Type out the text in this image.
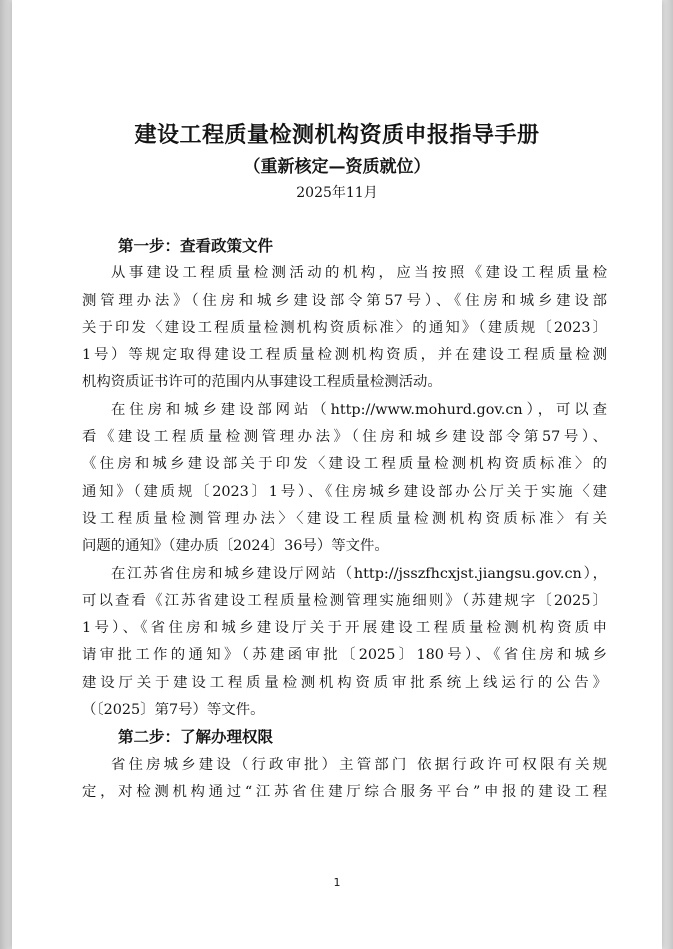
建设工程质量检测机构资质申报指导手册
（重新核定—资质就位）
2025年11月
第一步：查看政策文件

从事建设工程质量检测活动的机构，应当按照《建设工程质量检
测管理办法》（住房和城乡建设部令第57号）、《住房和城乡建设部
关于印发〈建设工程质量检测机构资质标准〉的通知》（建质规〔2023〕
1号）等规定取得建设工程质量检测机构资质，并在建设工程质量检测
机构资质证书许可的范围内从事建设工程质量检测活动。

在住房和城乡建设部网站（http://www.mohurd.gov.cn），可以查
看《建设工程质量检测管理办法》（住房和城乡建设部令第57号）、
《住房和城乡建设部关于印发〈建设工程质量检测机构资质标准〉的
通知》（建质规〔2023〕1号）、《住房城乡建设部办公厅关于实施〈建
设工程质量检测管理办法〉〈建设工程质量检测机构资质标准〉有关
问题的通知》（建办质〔2024〕36号）等文件。

在江苏省住房和城乡建设厅网站（http://jsszfhcxjst.jiangsu.gov.cn），
可以查看《江苏省建设工程质量检测管理实施细则》（苏建规字〔2025〕
1号）、《省住房和城乡建设厅关于开展建设工程质量检测机构资质申
请审批工作的通知》（苏建函审批〔2025〕180号）、《省住房和城乡
建设厅关于建设工程质量检测机构资质审批系统上线运行的公告》
（〔2025〕第7号）等文件。

第二步：了解办理权限

省住房城乡建设（行政审批）主管部门 依据行政许可权限有关规
定，对检测机构通过“江苏省住建厅综合服务平台”申报的建设工程

1
